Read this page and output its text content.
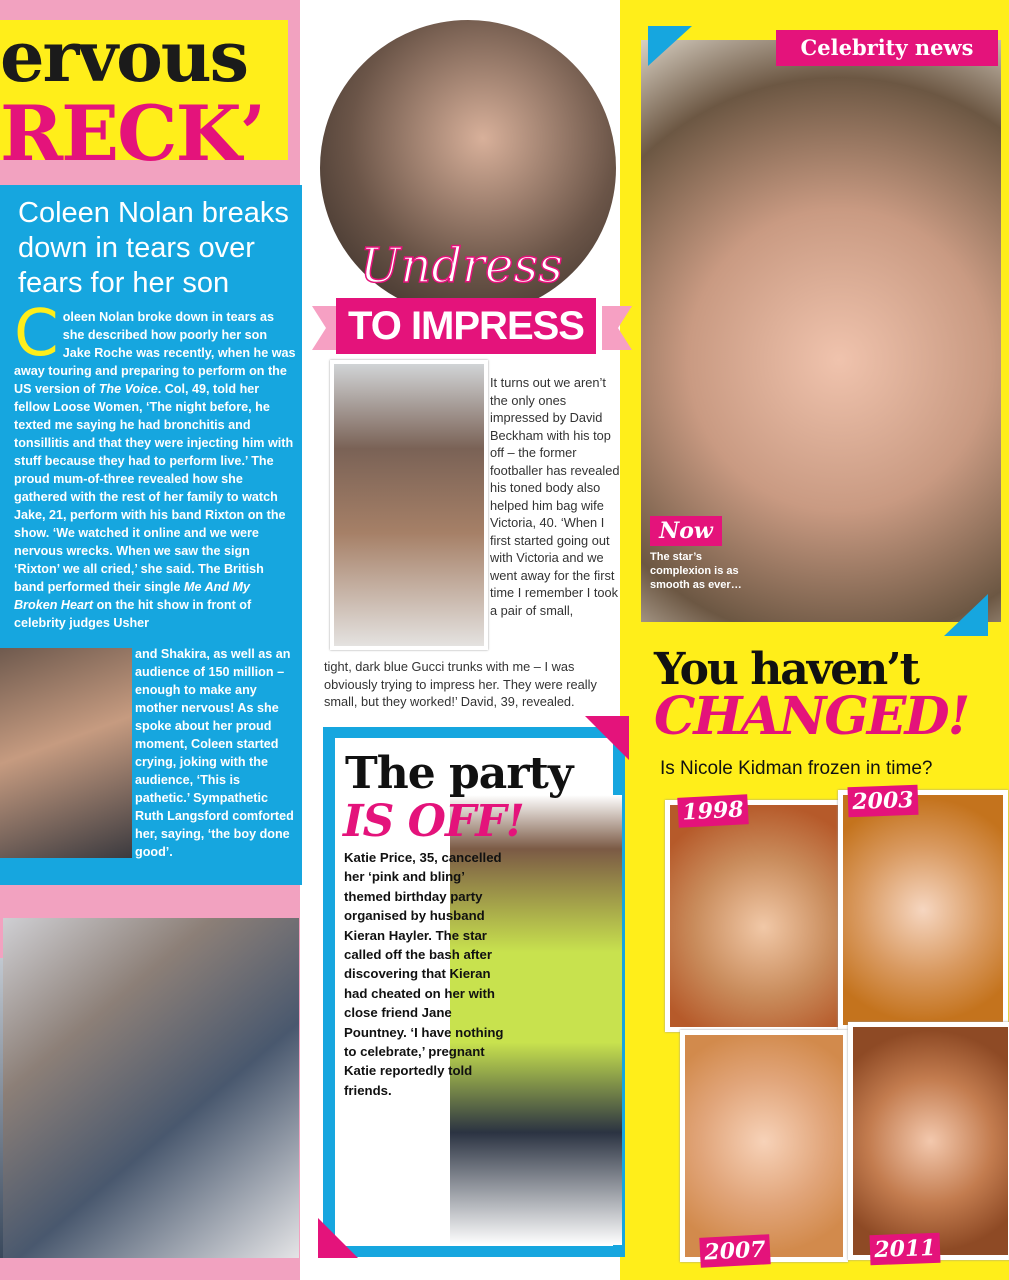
ervous
RECK’
Coleen Nolan breaks down in tears over fears for her son
Coleen Nolan broke down in tears as she described how poorly her son Jake Roche was recently, when he was away touring and preparing to perform on the US version of The Voice. Col, 49, told her fellow Loose Women, ‘The night before, he texted me saying he had bronchitis and tonsillitis and that they were injecting him with stuff because they had to perform live.’ The proud mum-of-three revealed how she gathered with the rest of her family to watch Jake, 21, perform with his band Rixton on the show. ‘We watched it online and we were nervous wrecks. When we saw the sign ‘Rixton’ we all cried,’ she said. The British band performed their single Me And My Broken Heart on the hit show in front of celebrity judges Usher
and Shakira, as well as an audience of 150 million – enough to make any mother nervous! As she spoke about her proud moment, Coleen started crying, joking with the audience, ‘This is pathetic.’ Sympathetic Ruth Langsford comforted her, saying, ‘the boy done good’.
Undress
TO IMPRESS
It turns out we aren’t the only ones impressed by David Beckham with his top off – the former footballer has revealed his toned body also helped him bag wife Victoria, 40. ‘When I first started going out with Victoria and we went away for the first time I remember I took a pair of small,
tight, dark blue Gucci trunks with me – I was obviously trying to impress her. They were really small, but they worked!’ David, 39, revealed.
The party
IS OFF!
Katie Price, 35, cancelled her ‘pink and bling’ themed birthday party organised by husband Kieran Hayler. The star called off the bash after discovering that Kieran had cheated on her with close friend Jane Pountney. ‘I have nothing to celebrate,’ pregnant Katie reportedly told friends.
Celebrity news
Now
The star’s complexion is as smooth as ever…
You haven’t
CHANGED!
Is Nicole Kidman frozen in time?
1998	2003
2007	2011
